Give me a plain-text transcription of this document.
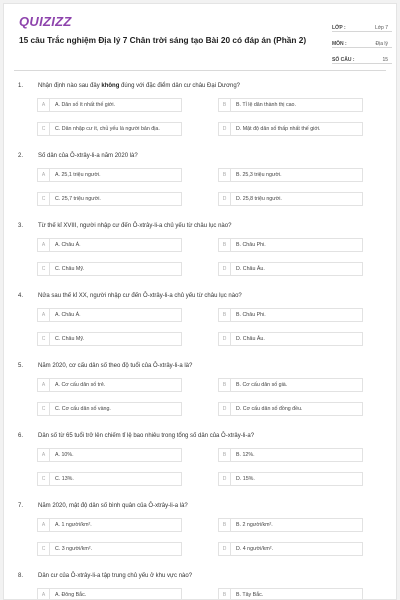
QUIZIZZ
15 câu Trắc nghiệm Địa lý 7 Chân trời sáng tạo Bài 20 có đáp án (Phần 2)
LỚP :	Lớp 7
MÔN :	Địa lý
SỐ CÂU :	15
1.	Nhận định nào sau đây không đúng với đặc điểm dân cư châu Đại Dương?
A	A. Dân số ít nhất thế giới.	B	B. Tỉ lệ dân thành thị cao.
C	C. Dân nhập cư ít, chủ yếu là người bản địa.	D	D. Mật độ dân số thấp nhất thế giới.
2.	Số dân của Ô-xtrây-li-a năm 2020 là?
A	A. 25,1 triệu người.	B	B. 25,3 triệu người.
C	C. 25,7 triệu người.	D	D. 25,8 triệu người.
3.	Từ thế kỉ XVIII, người nhập cư đến Ô-xtrây-li-a chủ yếu từ châu lục nào?
A	A. Châu Á.	B	B. Châu Phi.
C	C. Châu Mỹ.	D	D. Châu Âu.
4.	Nửa sau thế kỉ XX, người nhập cư đến Ô-xtrây-li-a chủ yếu từ châu lục nào?
A	A. Châu Á.	B	B. Châu Phi.
C	C. Châu Mỹ.	D	D. Châu Âu.
5.	Năm 2020, cơ cấu dân số theo độ tuổi của Ô-xtrây-li-a là?
A	A. Cơ cấu dân số trẻ.	B	B. Cơ cấu dân số già.
C	C. Cơ cấu dân số vàng.	D	D. Cơ cấu dân số đồng đều.
6.	Dân số từ 65 tuổi trở lên chiếm tỉ lệ bao nhiêu trong tổng số dân của Ô-xtrây-li-a?
A	A. 10%.	B	B. 12%.
C	C. 13%.	D	D. 15%.
7.	Năm 2020, mật độ dân số bình quân của Ô-xtrây-li-a là?
A	A. 1 người/km².	B	B. 2 người/km².
C	C. 3 người/km².	D	D. 4 người/km².
8.	Dân cư của Ô-xtrây-li-a tập trung chủ yếu ở khu vực nào?
A	A. Đông Bắc.	B	B. Tây Bắc.
